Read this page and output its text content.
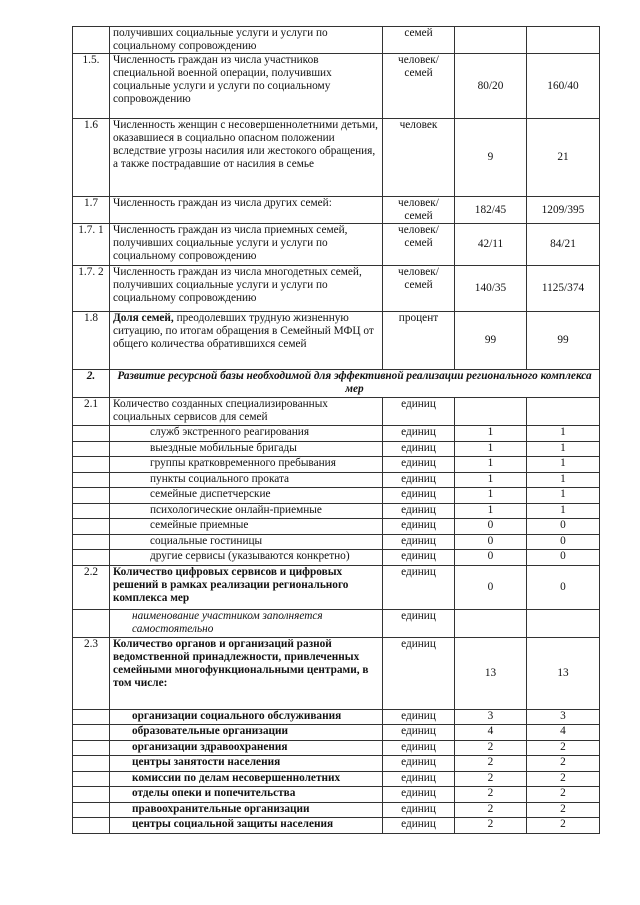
	получивших социальные услуги и услуги по социальному сопровождению	семей		
1.5.	Численность граждан из числа участников специальной военной операции, получивших социальные услуги и услуги по социальному сопровождению	человек/ семей	80/20	160/40
1.6	Численность женщин с несовершеннолетними детьми, оказавшиеся в социально опасном положении вследствие угрозы насилия или жестокого обращения, а также пострадавшие от насилия в семье	человек	9	21
1.7	Численность граждан из числа других семей:	человек/ семей	182/45	1209/395
1.7. 1	Численность граждан из числа приемных семей, получивших социальные услуги и услуги по социальному сопровождению	человек/ семей	42/11	84/21
1.7. 2	Численность граждан из числа многодетных семей, получивших социальные услуги и услуги по социальному сопровождению	человек/ семей	140/35	1125/374
1.8	Доля семей, преодолевших трудную жизненную ситуацию, по итогам обращения в Семейный МФЦ от общего количества обратившихся семей	процент	99	99
2.	Развитие ресурсной базы необходимой для эффективной реализации регионального комплекса мер			
2.1	Количество созданных специализированных социальных сервисов для семей	единиц		
	служб экстренного реагирования	единиц	1	1
	выездные мобильные бригады	единиц	1	1
	группы кратковременного пребывания	единиц	1	1
	пункты социального проката	единиц	1	1
	семейные диспетчерские	единиц	1	1
	психологические онлайн-приемные	единиц	1	1
	семейные приемные	единиц	0	0
	социальные гостиницы	единиц	0	0
	другие сервисы (указываются конкретно)	единиц	0	0
2.2	Количество цифровых сервисов и цифровых решений в рамках реализации регионального комплекса мер	единиц	0	0
	наименование участником заполняется самостоятельно	единиц		
2.3	Количество органов и организаций разной ведомственной принадлежности, привлеченных семейными многофункциональными центрами, в том числе:	единиц	13	13
	организации социального обслуживания	единиц	3	3
	образовательные организации	единиц	4	4
	организации здравоохранения	единиц	2	2
	центры занятости населения	единиц	2	2
	комиссии по делам несовершеннолетних	единиц	2	2
	отделы опеки и попечительства	единиц	2	2
	правоохранительные организации	единиц	2	2
	центры социальной защиты населения	единиц	2	2
